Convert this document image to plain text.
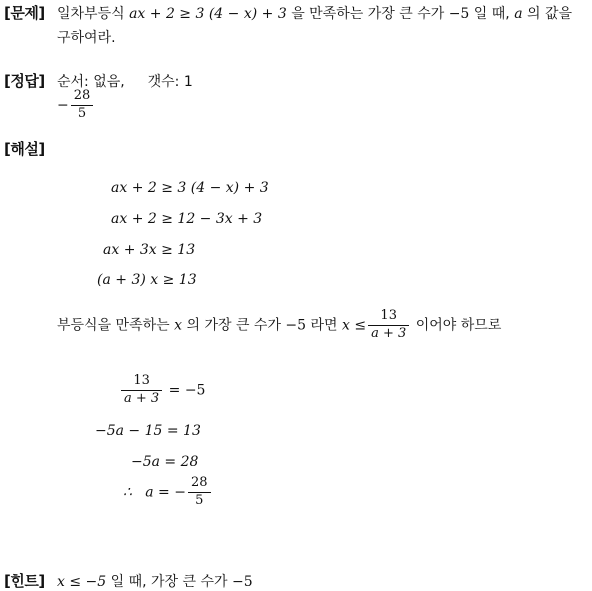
[문제] 일차부등식 ax + 2 ≥ 3 (4 − x) + 3 을 만족하는 가장 큰 수가 −5 일 때, a 의 값을
구하여라.
[정답] 순서: 없음, 갯수: 1
− $\frac{28}{5}$
[해설]
ax + 2 ≥ 3 (4 − x) + 3
ax + 2 ≥ 12 − 3x + 3
ax + 3x ≥ 13
(a + 3) x ≥ 13
부등식을 만족하는 x 의 가장 큰 수가 −5 라면 $x \le \frac{13}{a + 3}$ 이어야 하므로
$\frac{13}{a + 3} = -5$
−5a − 15 = 13
−5a = 28
∴   a = − $\frac{28}{5}$
[힌트] x ≤ −5 일 때, 가장 큰 수가 −5
